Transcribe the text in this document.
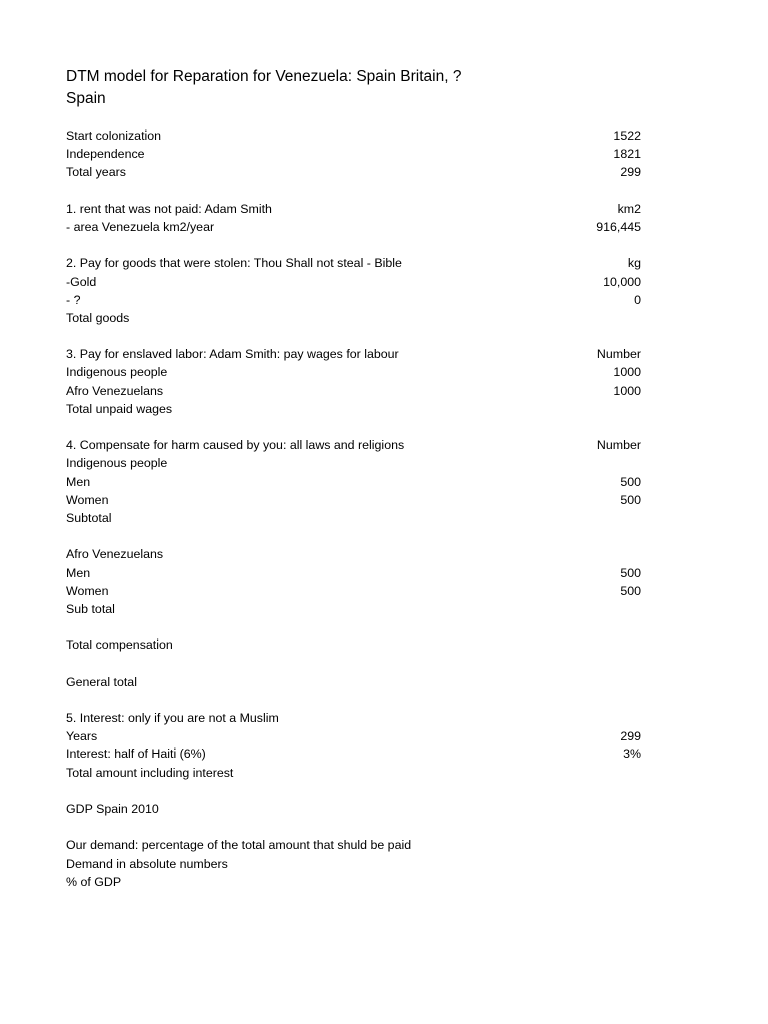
DTM model for Reparation for Venezuela: Spain Britain, ?
Spain
Start colonizati̇on	1522
Independence	1821
Total years	299
1. rent that was not paid: Adam Smith	km2
- area Venezuela km2/year	916,445
2. Pay for goods that were stolen: Thou Shall not steal - Bible	kg
-Gold	10,000
- ?	0
Total goods
3. Pay for enslaved labor: Adam Smith: pay wages for labour	Number
Indigenous people	1000
Afro Venezuelans	1000
Total unpaid wages
4. Compensate for harm caused by you: all laws and religions	Number
Indigenous people
Men	500
Women	500
Subtotal
Afro Venezuelans
Men	500
Women	500
Sub total
Total compensati̇on
General total
5. Interest: only if you are not a Muslim
Years	299
Interest: half of Haiti̇ (6%)	3%
Total amount including interest
GDP Spain 2010
Our demand: percentage of the total amount that shuld be paid
Demand in absolute numbers
% of GDP
